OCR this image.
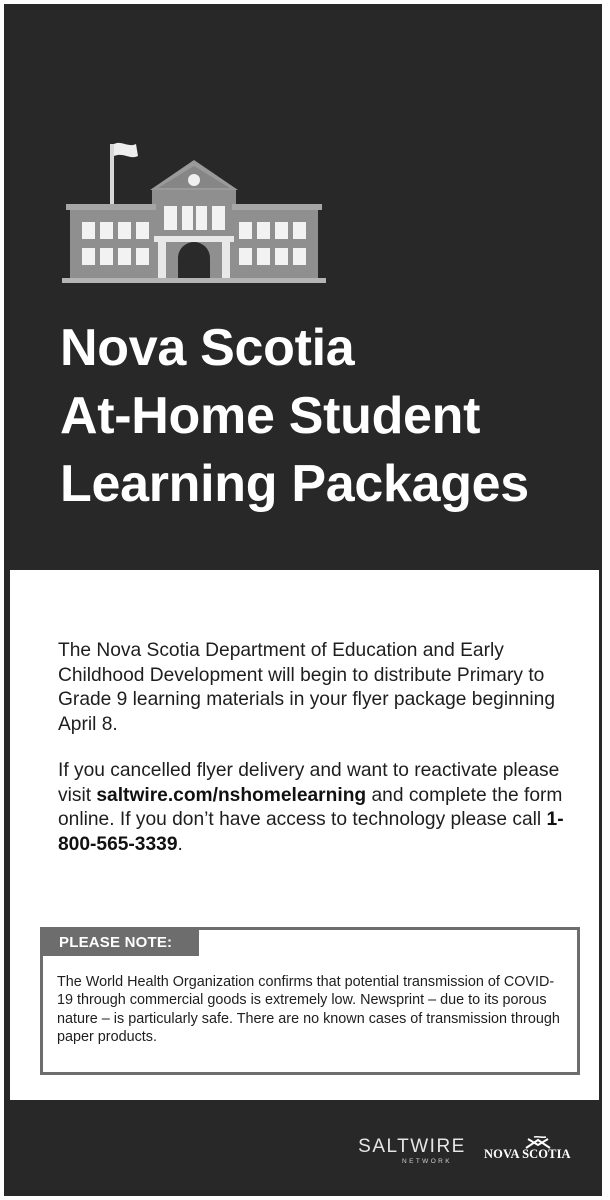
Nova Scotia
At-Home Student
Learning Packages

The Nova Scotia Department of Education and Early Childhood Development will begin to distribute Primary to Grade 9 learning materials in your flyer package beginning April 8.

If you cancelled flyer delivery and want to reactivate please visit saltwire.com/nshomelearning and complete the form online. If you don’t have access to technology please call 1-800-565-3339.

PLEASE NOTE:

The World Health Organization confirms that potential transmission of COVID-19 through commercial goods is extremely low. Newsprint – due to its porous nature – is particularly safe. There are no known cases of transmission through paper products.

SALTWIRE
NETWORK
NOVA SCOTIA
